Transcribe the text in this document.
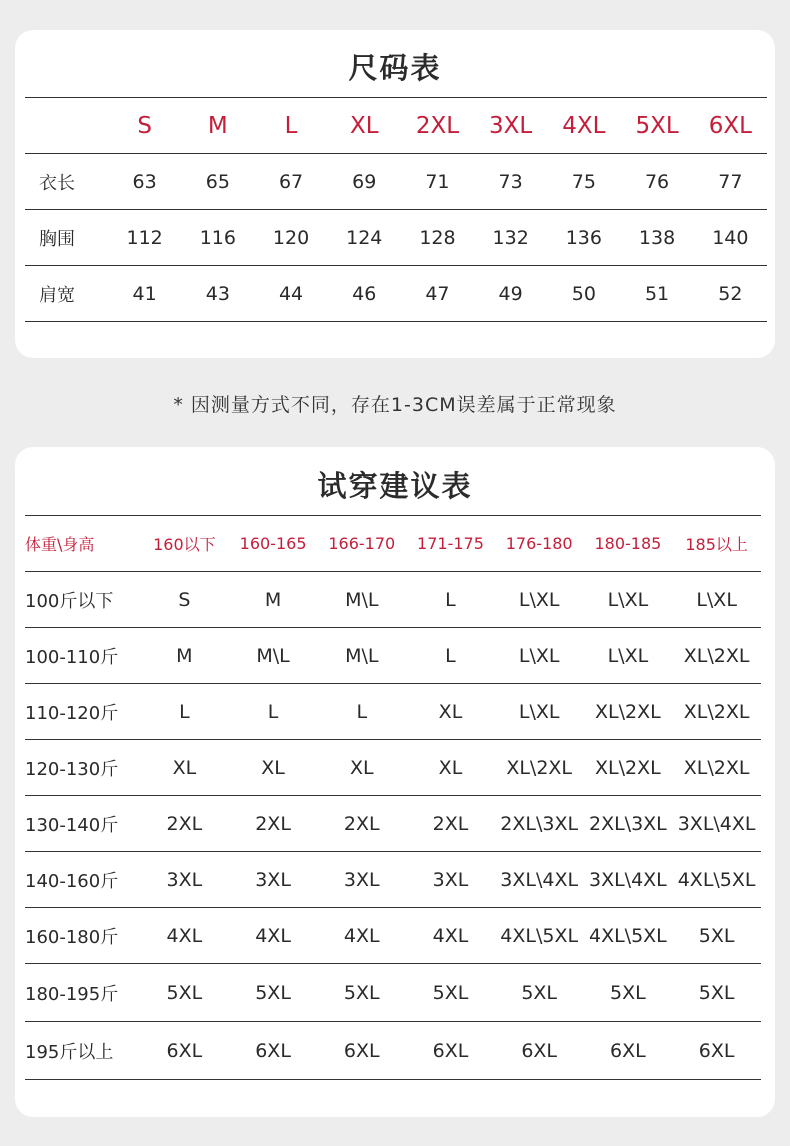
尺码表
	S	M	L	XL	2XL	3XL	4XL	5XL	6XL
衣长	63	65	67	69	71	73	75	76	77
胸围	112	116	120	124	128	132	136	138	140
肩宽	41	43	44	46	47	49	50	51	52
* 因测量方式不同，存在1-3CM误差属于正常现象
试穿建议表
体重\身高	160以下	160-165	166-170	171-175	176-180	180-185	185以上
100斤以下	S	M	M\L	L	L\XL	L\XL	L\XL
100-110斤	M	M\L	M\L	L	L\XL	L\XL	XL\2XL
110-120斤	L	L	L	XL	L\XL	XL\2XL	XL\2XL
120-130斤	XL	XL	XL	XL	XL\2XL	XL\2XL	XL\2XL
130-140斤	2XL	2XL	2XL	2XL	2XL\3XL	2XL\3XL	3XL\4XL
140-160斤	3XL	3XL	3XL	3XL	3XL\4XL	3XL\4XL	4XL\5XL
160-180斤	4XL	4XL	4XL	4XL	4XL\5XL	4XL\5XL	5XL
180-195斤	5XL	5XL	5XL	5XL	5XL	5XL	5XL
195斤以上	6XL	6XL	6XL	6XL	6XL	6XL	6XL
